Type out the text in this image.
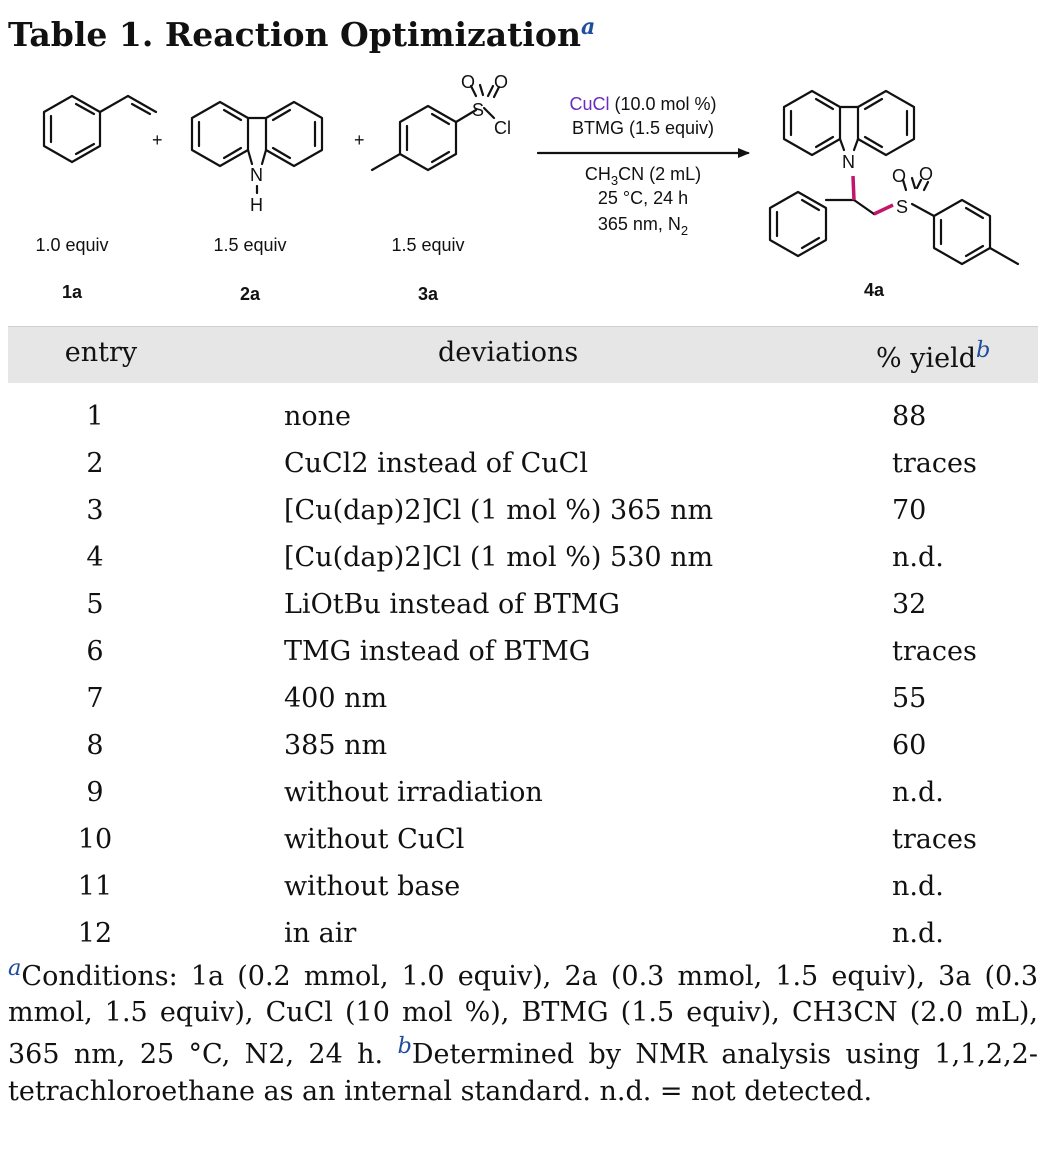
Table 1. Reaction Optimization$^a$
N
H
S
O O
Cl
N
S
O O
+	+
CuCl (10.0 mol %)
BTMG (1.5 equiv)
$CH_3CN$ (2 mL)
25 °C, 24 h
365 nm, $N_2$
1.0 equiv	1.5 equiv	1.5 equiv
1a	2a	3a	4a
entry	deviations	% yield$^b$
1	none	88
2	CuCl2 instead of CuCl	traces
3	[Cu(dap)2]Cl (1 mol %) 365 nm	70
4	[Cu(dap)2]Cl (1 mol %) 530 nm	n.d.
5	LiOtBu instead of BTMG	32
6	TMG instead of BTMG	traces
7	400 nm	55
8	385 nm	60
9	without irradiation	n.d.
10	without CuCl	traces
11	without base	n.d.
12	in air	n.d.
$^a$Conditions: 1a (0.2 mmol, 1.0 equiv), 2a (0.3 mmol, 1.5 equiv), 3a (0.3 mmol, 1.5 equiv), CuCl (10 mol %), BTMG (1.5 equiv), CH3CN (2.0 mL), 365 nm, 25 °C, N2, 24 h. $^b$Determined by NMR analysis using 1,1,2,2-tetrachloroethane as an internal standard. n.d. = not detected.
